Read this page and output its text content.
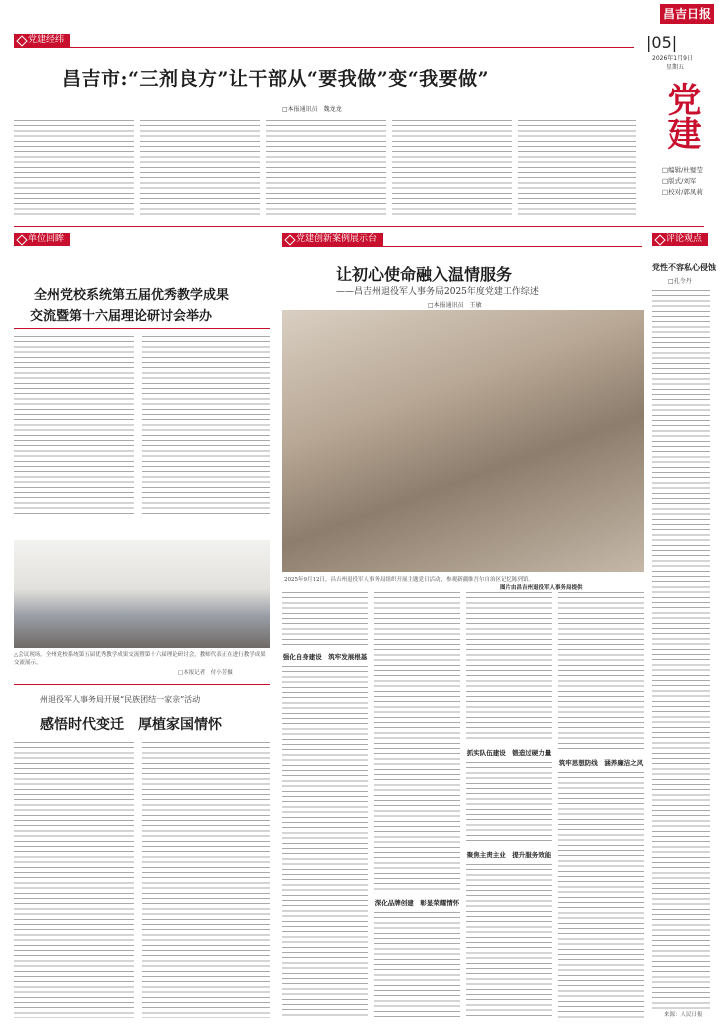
昌吉日报
|05|
2026年1月9日
星期五
党建
□编辑/杜璧莹
□版式/刘军
□校对/郭凤莉
党建经纬
昌吉市:“三剂良方”让干部从“要我做”变“我要做”
□本报通讯员　魏龙龙
单位回眸
全州党校系统第五届优秀教学成果
交流暨第十六届理论研讨会举办
△会议现场，全州党校系统第五届优秀教学成果交流暨第十六届理论研讨会，教师代表正在进行教学成果交流展示。
□本报记者　付小芳摄
州退役军人事务局开展“民族团结一家亲”活动
感悟时代变迁　厚植家国情怀
党建创新案例展示台
让初心使命融入温情服务
——昌吉州退役军人事务局2025年度党建工作综述
□本报通讯员　王敏
2025年9月12日，昌吉州退役军人事务局组织开展主题党日活动，参观新疆维吾尔自治区记忆陈列馆。
图片由昌吉州退役军人事务局提供
强化自身建设　筑牢发展根基
深化品牌创建　彰显荣耀情怀
抓实队伍建设　锻造过硬力量
聚焦主责主业　提升服务效能
筑牢思想防线　涵养廉洁之风
评论观点
党性不容私心侵蚀
□孔令丹
来源：人民日报
